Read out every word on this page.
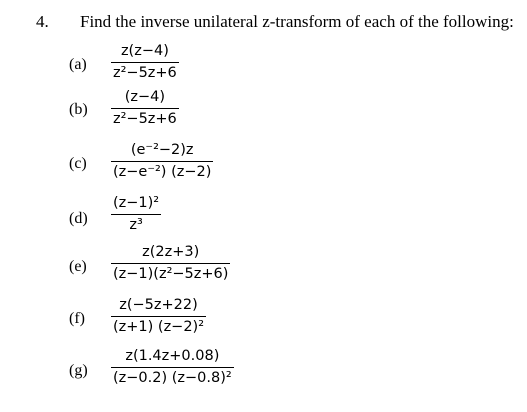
4. Find the inverse unilateral z-transform of each of the following:
(a)
z(z−4)
z²−5z+6
(b)
(z−4)
z²−5z+6
(c)
(e⁻²−2)z
(z−e⁻²) (z−2)
(d)
(z−1)²
z³
(e)
z(2z+3)
(z−1)(z²−5z+6)
(f)
z(−5z+22)
(z+1) (z−2)²
(g)
z(1.4z+0.08)
(z−0.2) (z−0.8)²
